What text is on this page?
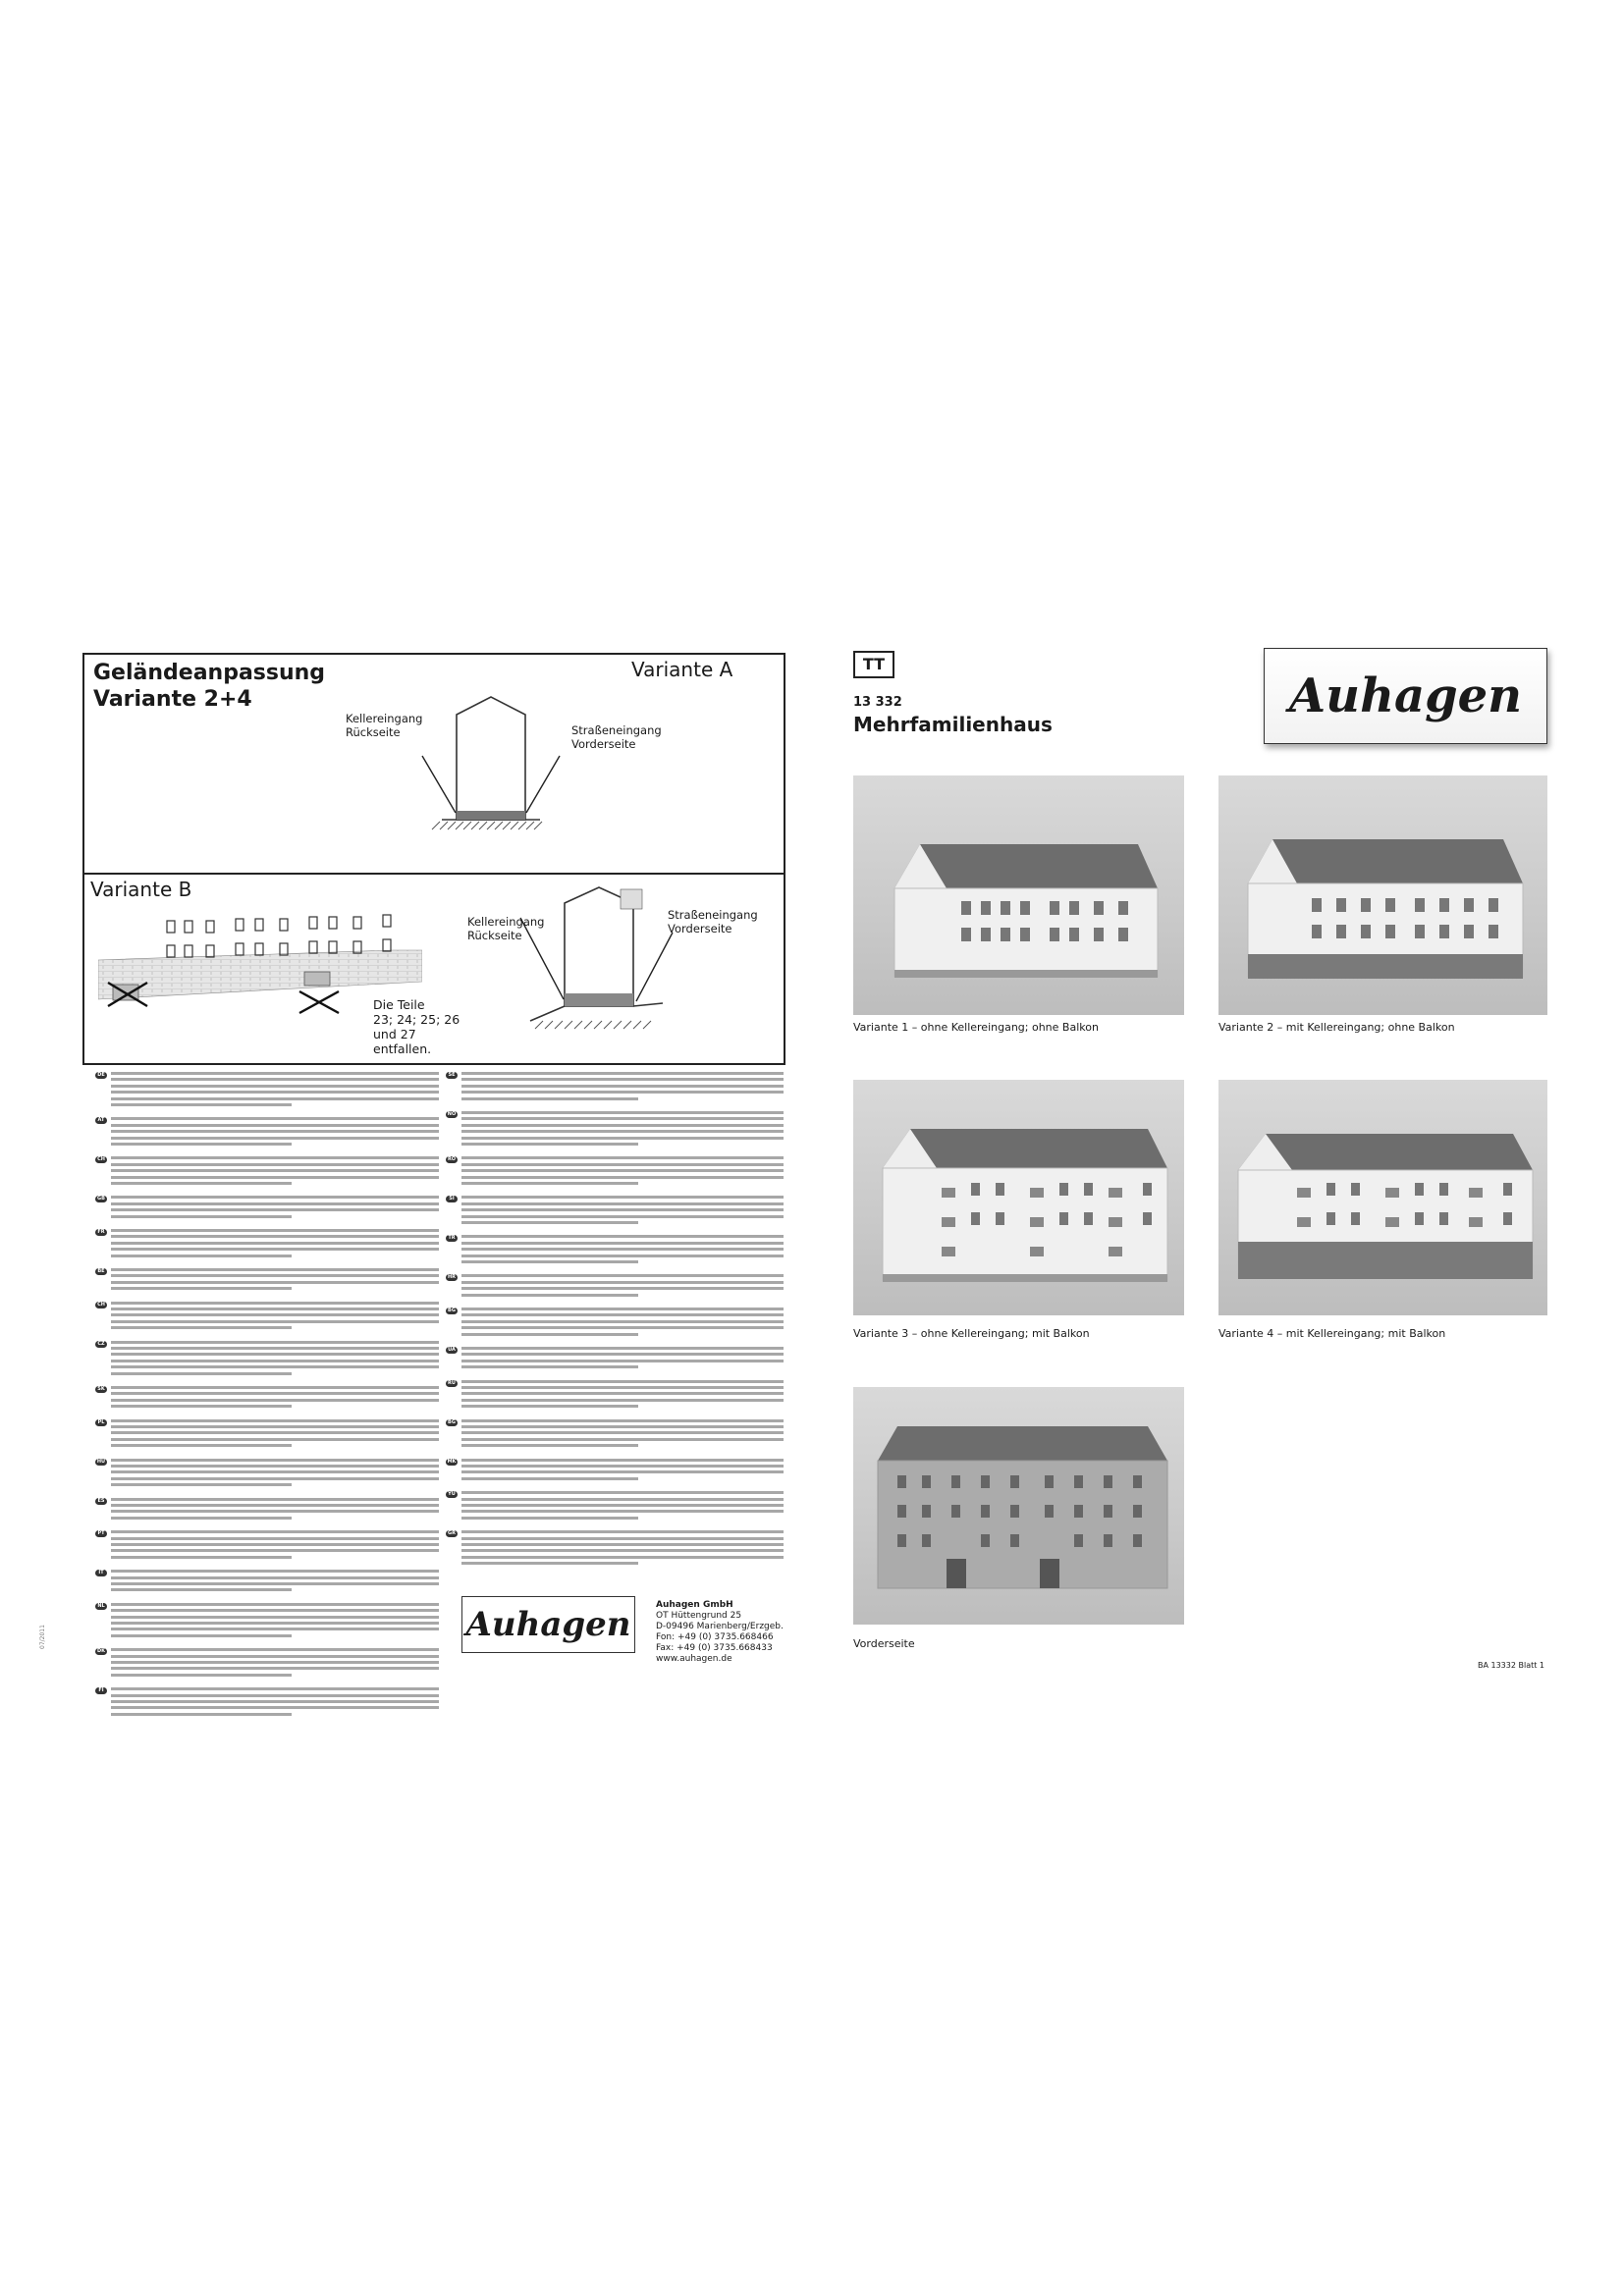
Geländeanpassung
Variante 2+4
Variante A
Kellereingang
Rückseite	Straßeneingang
Vorderseite
Variante B
Kellereingang
Rückseite
Straßeneingang
Vorderseite
Die Teile
23; 24; 25; 26
und 27
entfallen.
DE
AT
CH
GB
FR
BE
CH
CZ
SK
PL
HU
ES
PT
IT
NL
DK
FI
SE
NO
RO
SI
TR
HR
BG
UA
RU
BG
MK
YU
GR
07/2011	Auhagen	Auhagen GmbH
OT Hüttengrund 25
D-09496 Marienberg/Erzgeb.
Fon: +49 (0) 3735.668466
Fax: +49 (0) 3735.668433
www.auhagen.de
TT
13 332
Mehrfamilienhaus
Auhagen
Variante 1 – ohne Kellereingang; ohne Balkon	Variante 2 – mit Kellereingang; ohne Balkon
Variante 3 – ohne Kellereingang; mit Balkon	Variante 4 – mit Kellereingang; mit Balkon
Vorderseite
BA 13332 Blatt 1
